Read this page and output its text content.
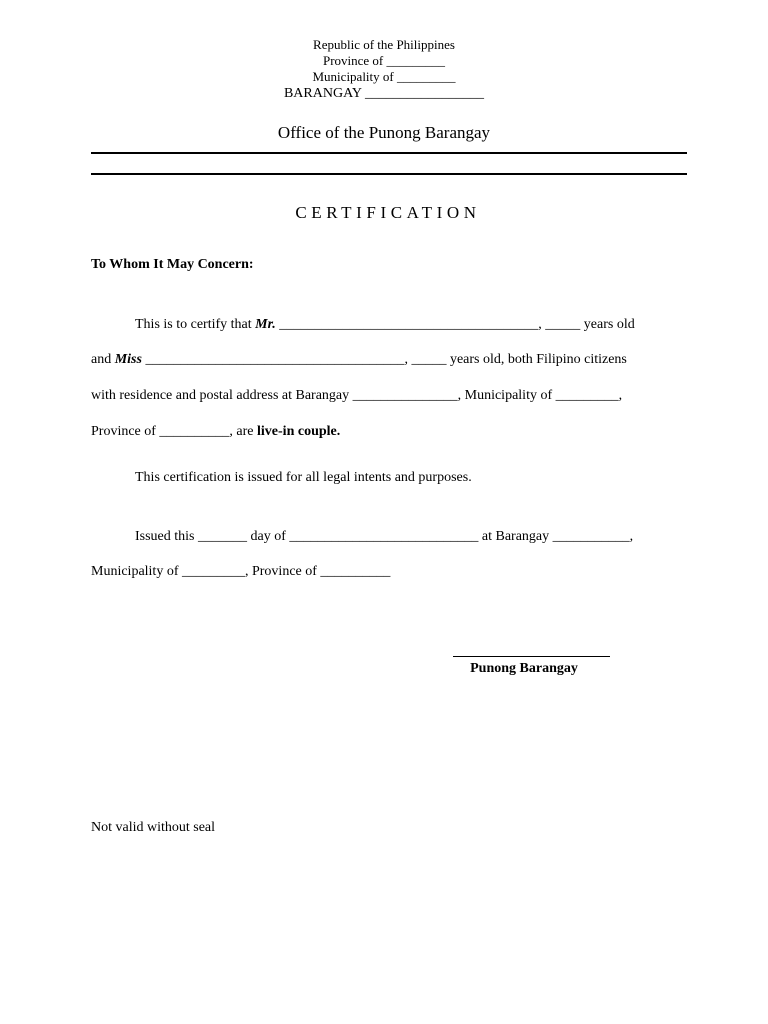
Republic of the Philippines
Province of _________
Municipality of _________
BARANGAY _________________
Office of the Punong Barangay
CERTIFICATION
To Whom It May Concern:
This is to certify that Mr. _____________________________________, _____ years old
and Miss _____________________________________, _____ years old, both Filipino citizens
with residence and postal address at Barangay _______________, Municipality of _________,
Province of __________, are live-in couple.
This certification is issued for all legal intents and purposes.
Issued this _______ day of ___________________________ at Barangay ___________,
Municipality of _________, Province of __________
Punong Barangay
Not valid without seal
